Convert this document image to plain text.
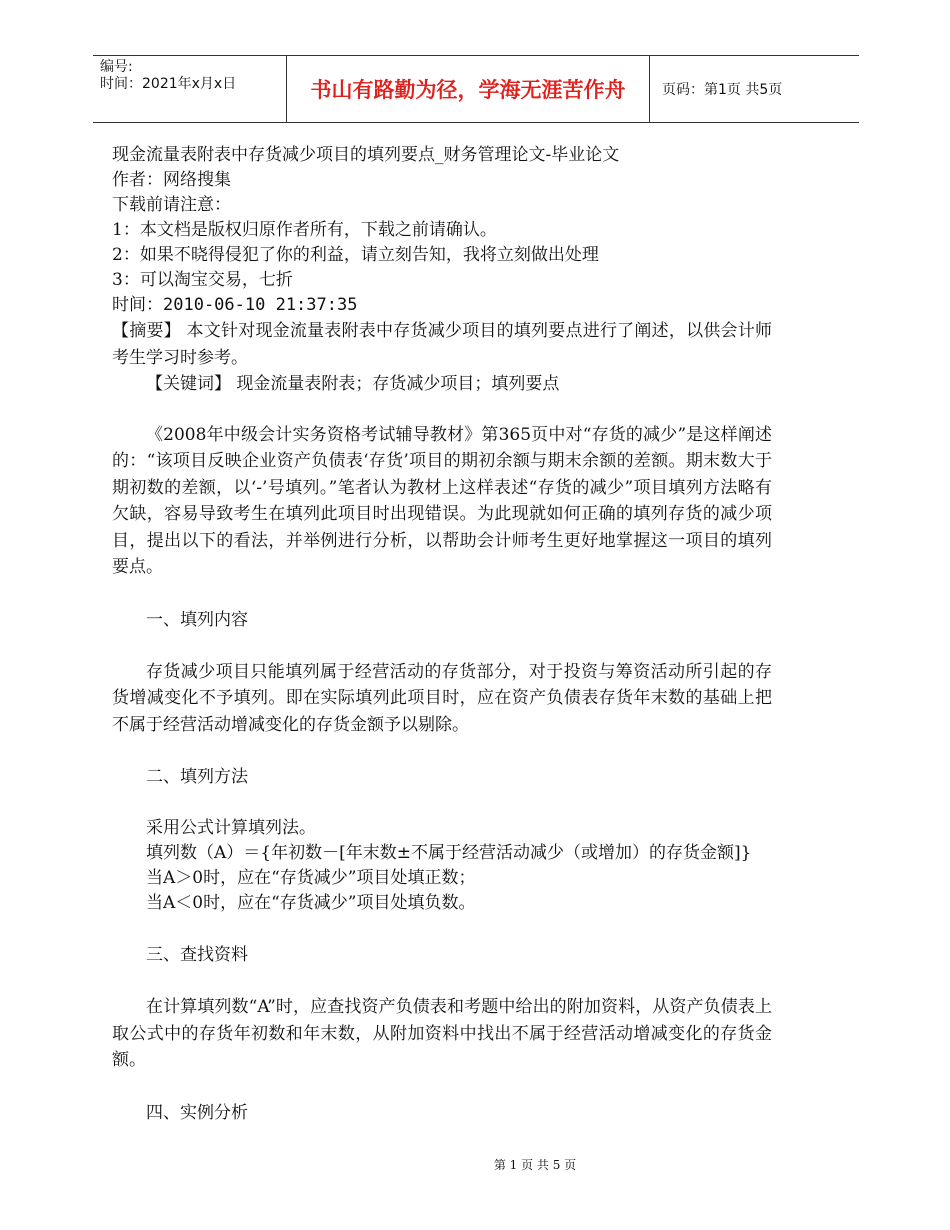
编号:
时间：2021年x月x日	书山有路勤为径，学海无涯苦作舟	页码：第1页 共5页

现金流量表附表中存货减少项目的填列要点_财务管理论文-毕业论文

作者：网络搜集

下载前请注意：

1：本文档是版权归原作者所有，下载之前请确认。

2：如果不晓得侵犯了你的利益，请立刻告知，我将立刻做出处理

3：可以淘宝交易，七折

时间：2010-06-10 21:37:35

【摘要】 本文针对现金流量表附表中存货减少项目的填列要点进行了阐述，以供会计师考生学习时参考。

【关键词】 现金流量表附表；存货减少项目；填列要点

《2008年中级会计实务资格考试辅导教材》第365页中对“存货的减少”是这样阐述的：“该项目反映企业资产负债表‘存货’项目的期初余额与期末余额的差额。期末数大于期初数的差额，以‘-’号填列。”笔者认为教材上这样表述“存货的减少”项目填列方法略有欠缺，容易导致考生在填列此项目时出现错误。为此现就如何正确的填列存货的减少项目，提出以下的看法，并举例进行分析，以帮助会计师考生更好地掌握这一项目的填列要点。

一、填列内容

存货减少项目只能填列属于经营活动的存货部分，对于投资与筹资活动所引起的存货增减变化不予填列。即在实际填列此项目时，应在资产负债表存货年末数的基础上把不属于经营活动增减变化的存货金额予以剔除。

二、填列方法

采用公式计算填列法。

填列数（A）＝{年初数－[年末数±不属于经营活动减少（或增加）的存货金额]}

当A＞0时，应在“存货减少”项目处填正数；

当A＜0时，应在“存货减少”项目处填负数。

三、查找资料

在计算填列数“A”时，应查找资产负债表和考题中给出的附加资料，从资产负债表上取公式中的存货年初数和年末数，从附加资料中找出不属于经营活动增减变化的存货金额。

四、实例分析

第 1 页 共 5 页
